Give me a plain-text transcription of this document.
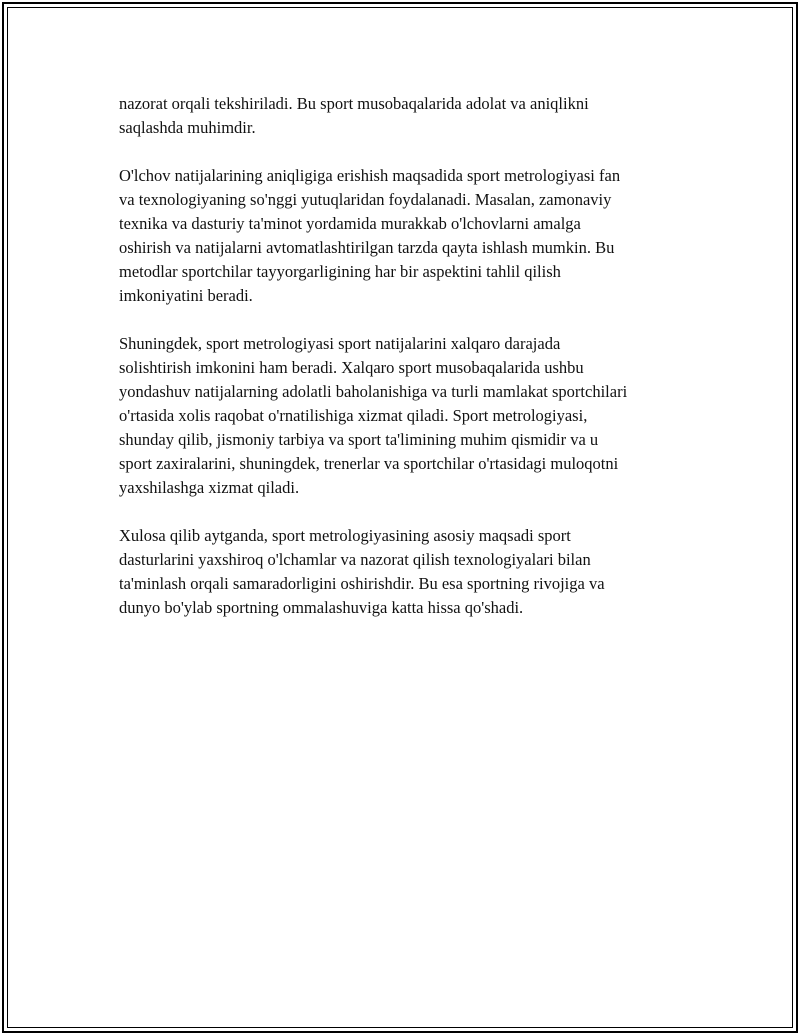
nazorat orqali tekshiriladi. Bu sport musobaqalarida adolat va aniqlikni
saqlashda muhimdir.

O'lchov natijalarining aniqligiga erishish maqsadida sport metrologiyasi fan
va texnologiyaning so'nggi yutuqlaridan foydalanadi. Masalan, zamonaviy
texnika va dasturiy ta'minot yordamida murakkab o'lchovlarni amalga
oshirish va natijalarni avtomatlashtirilgan tarzda qayta ishlash mumkin. Bu
metodlar sportchilar tayyorgarligining har bir aspektini tahlil qilish
imkoniyatini beradi.

Shuningdek, sport metrologiyasi sport natijalarini xalqaro darajada
solishtirish imkonini ham beradi. Xalqaro sport musobaqalarida ushbu
yondashuv natijalarning adolatli baholanishiga va turli mamlakat sportchilari
o'rtasida xolis raqobat o'rnatilishiga xizmat qiladi. Sport metrologiyasi,
shunday qilib, jismoniy tarbiya va sport ta'limining muhim qismidir va u
sport zaxiralarini, shuningdek, trenerlar va sportchilar o'rtasidagi muloqotni
yaxshilashga xizmat qiladi.

Xulosa qilib aytganda, sport metrologiyasining asosiy maqsadi sport
dasturlarini yaxshiroq o'lchamlar va nazorat qilish texnologiyalari bilan
ta'minlash orqali samaradorligini oshirishdir. Bu esa sportning rivojiga va
dunyo bo'ylab sportning ommalashuviga katta hissa qo'shadi.
